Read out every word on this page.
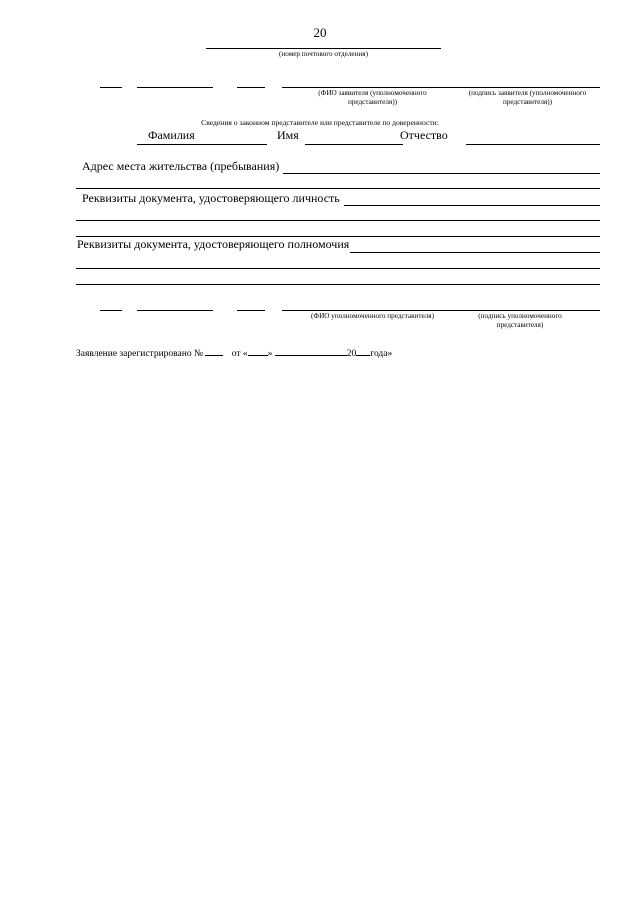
20
(номер почтового отделения)
(ФИО заявителя (уполномоченного представителя))
(подпись заявителя (уполномоченного представителя))
Сведения о законном представителе или представителе по доверенности:
Фамилия	Имя	Отчество
Адрес места жительства (пребывания)
Реквизиты документа, удостоверяющего личность
Реквизиты документа, удостоверяющего полномочия
(ФИО уполномоченного представителя)	(подпись уполномоченного представителя)
Заявление зарегистрировано №	от « »	20 года»
